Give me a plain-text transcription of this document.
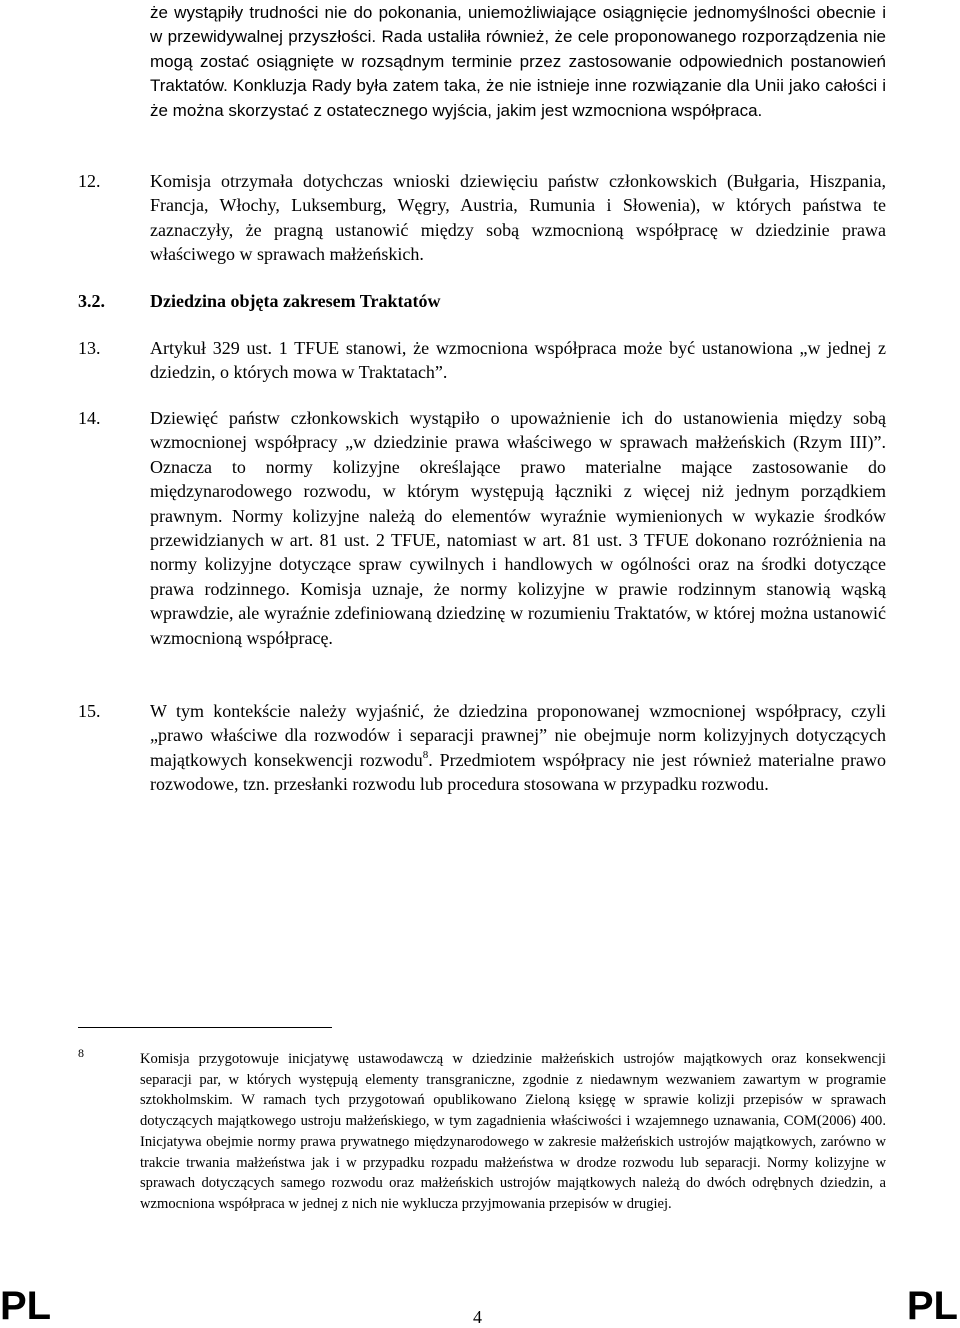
że wystąpiły trudności nie do pokonania, uniemożliwiające osiągnięcie jednomyślności obecnie i w przewidywalnej przyszłości. Rada ustaliła również, że cele proponowanego rozporządzenia nie mogą zostać osiągnięte w rozsądnym terminie przez zastosowanie odpowiednich postanowień Traktatów. Konkluzja Rady była zatem taka, że nie istnieje inne rozwiązanie dla Unii jako całości i że można skorzystać z ostatecznego wyjścia, jakim jest wzmocniona współpraca.

12.	Komisja otrzymała dotychczas wnioski dziewięciu państw członkowskich (Bułgaria, Hiszpania, Francja, Włochy, Luksemburg, Węgry, Austria, Rumunia i Słowenia), w których państwa te zaznaczyły, że pragną ustanowić między sobą wzmocnioną współpracę w dziedzinie prawa właściwego w sprawach małżeńskich.

3.2.	Dziedzina objęta zakresem Traktatów
13.	Artykuł 329 ust. 1 TFUE stanowi, że wzmocniona współpraca może być ustanowiona „w jednej z dziedzin, o których mowa w Traktatach”.

14.	Dziewięć państw członkowskich wystąpiło o upoważnienie ich do ustanowienia między sobą wzmocnionej współpracy „w dziedzinie prawa właściwego w sprawach małżeńskich (Rzym III)”. Oznacza to normy kolizyjne określające prawo materialne mające zastosowanie do międzynarodowego rozwodu, w którym występują łączniki z więcej niż jednym porządkiem prawnym. Normy kolizyjne należą do elementów wyraźnie wymienionych w wykazie środków przewidzianych w art. 81 ust. 2 TFUE, natomiast w art. 81 ust. 3 TFUE dokonano rozróżnienia na normy kolizyjne dotyczące spraw cywilnych i handlowych w ogólności oraz na środki dotyczące prawa rodzinnego. Komisja uznaje, że normy kolizyjne w prawie rodzinnym stanowią wąską wprawdzie, ale wyraźnie zdefiniowaną dziedzinę w rozumieniu Traktatów, w której można ustanowić wzmocnioną współpracę.

15.	W tym kontekście należy wyjaśnić, że dziedzina proponowanej wzmocnionej współpracy, czyli „prawo właściwe dla rozwodów i separacji prawnej” nie obejmuje norm kolizyjnych dotyczących majątkowych konsekwencji rozwodu$^8$. Przedmiotem współpracy nie jest również materialne prawo rozwodowe, tzn. przesłanki rozwodu lub procedura stosowana w przypadku rozwodu.

8	Komisja przygotowuje inicjatywę ustawodawczą w dziedzinie małżeńskich ustrojów majątkowych oraz konsekwencji separacji par, w których występują elementy transgraniczne, zgodnie z niedawnym wezwaniem zawartym w programie sztokholmskim. W ramach tych przygotowań opublikowano Zieloną księgę w sprawie kolizji przepisów w sprawach dotyczących majątkowego ustroju małżeńskiego, w tym zagadnienia właściwości i wzajemnego uznawania, COM(2006) 400. Inicjatywa obejmie normy prawa prywatnego międzynarodowego w zakresie małżeńskich ustrojów majątkowych, zarówno w trakcie trwania małżeństwa jak i w przypadku rozpadu małżeństwa w drodze rozwodu lub separacji. Normy kolizyjne w sprawach dotyczących samego rozwodu oraz małżeńskich ustrojów majątkowych należą do dwóch odrębnych dziedzin, a wzmocniona współpraca w jednej z nich nie wyklucza przyjmowania przepisów w drugiej.

PL	4	PL
